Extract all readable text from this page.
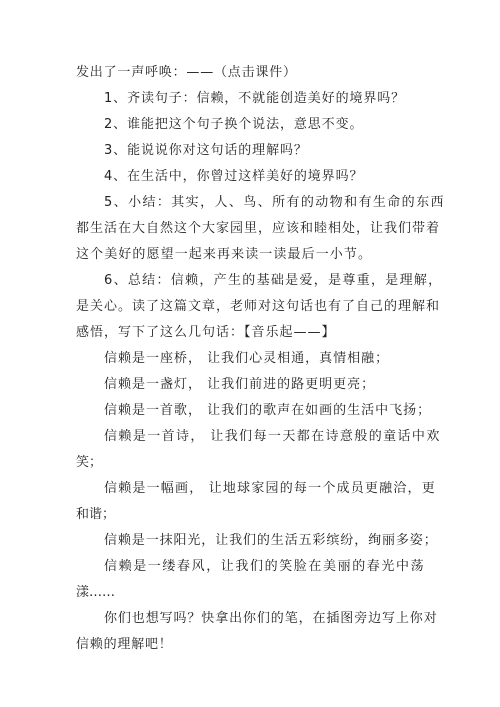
发出了一声呼唤：——（点击课件）
1、齐读句子：信赖，不就能创造美好的境界吗？
2、谁能把这个句子换个说法，意思不变。
3、能说说你对这句话的理解吗？
4、在生活中，你曾过这样美好的境界吗？
5、小结：其实，人、鸟、所有的动物和有生命的东西
都生活在大自然这个大家园里，应该和睦相处，让我们带着
这个美好的愿望一起来再来读一读最后一小节。
6、总结：信赖，产生的基础是爱，是尊重，是理解，
是关心。读了这篇文章，老师对这句话也有了自己的理解和
感悟，写下了这么几句话：【音乐起——】
信赖是一座桥， 让我们心灵相通，真情相融；
信赖是一盏灯， 让我们前进的路更明更亮；
信赖是一首歌， 让我们的歌声在如画的生活中飞扬；
信赖是一首诗， 让我们每一天都在诗意般的童话中欢
笑；
信赖是一幅画， 让地球家园的每一个成员更融洽，更
和谐；
信赖是一抹阳光，让我们的生活五彩缤纷，绚丽多姿；
信赖是一缕春风，让我们的笑脸在美丽的春光中荡
漾……
你们也想写吗？快拿出你们的笔，在插图旁边写上你对
信赖的理解吧！
